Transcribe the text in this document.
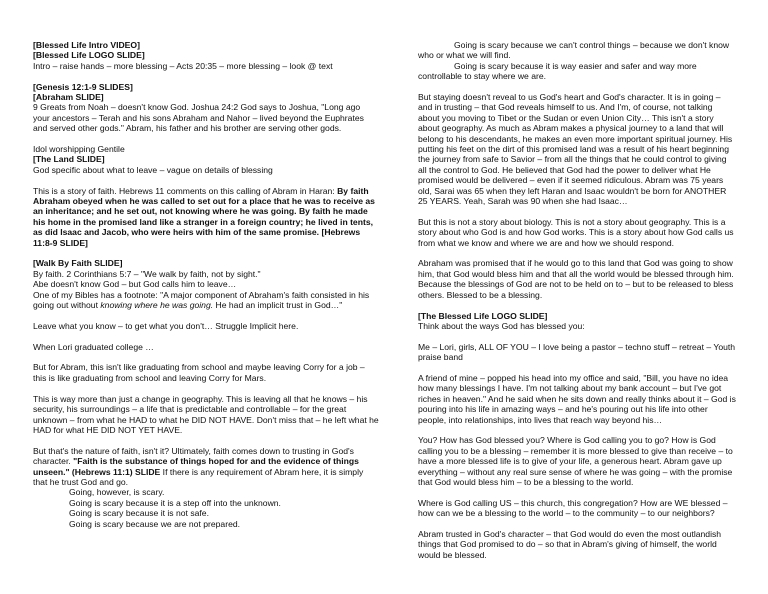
[Blessed Life Intro VIDEO]
[Blessed Life LOGO SLIDE]
Intro – raise hands – more blessing – Acts 20:35 – more blessing – look @ text

[Genesis 12:1-9 SLIDES]
[Abraham SLIDE]
9 Greats from Noah – doesn't know God. Joshua 24:2 God says to Joshua, "Long ago your ancestors – Terah and his sons Abraham and Nahor – lived beyond the Euphrates and served other gods." Abram, his father and his brother are serving other gods.

Idol worshipping Gentile
[The Land SLIDE]
God specific about what to leave – vague on details of blessing

This is a story of faith. Hebrews 11 comments on this calling of Abram in Haran: By faith Abraham obeyed when he was called to set out for a place that he was to receive as an inheritance; and he set out, not knowing where he was going. By faith he made his home in the promised land like a stranger in a foreign country; he lived in tents, as did Isaac and Jacob, who were heirs with him of the same promise. [Hebrews 11:8-9 SLIDE]

[Walk By Faith SLIDE]
By faith. 2 Corinthians 5:7 – "We walk by faith, not by sight."
Abe doesn't know God – but God calls him to leave…
One of my Bibles has a footnote: "A major component of Abraham's faith consisted in his going out without knowing where he was going. He had an implicit trust in God…"

Leave what you know – to get what you don't… Struggle Implicit here.

When Lori graduated college …

But for Abram, this isn't like graduating from school and maybe leaving Corry for a job – this is like graduating from school and leaving Corry for Mars.

This is way more than just a change in geography. This is leaving all that he knows – his security, his surroundings – a life that is predictable and controllable – for the great unknown – from what he HAD to what he DID NOT HAVE. Don't miss that – he left what he HAD for what HE DID NOT YET HAVE.

But that's the nature of faith, isn't it? Ultimately, faith comes down to trusting in God's character. "Faith is the substance of things hoped for and the evidence of things unseen." (Hebrews 11:1) SLIDE If there is any requirement of Abram here, it is simply that he trust God and go.

Going, however, is scary.
Going is scary because it is a step off into the unknown.
Going is scary because it is not safe.
Going is scary because we are not prepared.

Going is scary because we can't control things – because we don't know who or what we will find.

Going is scary because it is way easier and safer and way more controllable to stay where we are.

But staying doesn't reveal to us God's heart and God's character. It is in going – and in trusting – that God reveals himself to us. And I'm, of course, not talking about you moving to Tibet or the Sudan or even Union City… This isn't a story about geography. As much as Abram makes a physical journey to a land that will belong to his descendants, he makes an even more important spiritual journey. His putting his feet on the dirt of this promised land was a result of his heart beginning the journey from safe to Savior – from all the things that he could control to giving all the control to God. He believed that God had the power to deliver what He promised would be delivered – even if it seemed ridiculous. Abram was 75 years old, Sarai was 65 when they left Haran and Isaac wouldn't be born for ANOTHER 25 YEARS. Yeah, Sarah was 90 when she had Isaac…

But this is not a story about biology. This is not a story about geography. This is a story about who God is and how God works. This is a story about how God calls us from what we know and where we are and how we should respond.

Abraham was promised that if he would go to this land that God was going to show him, that God would bless him and that all the world would be blessed through him. Because the blessings of God are not to be held on to – but to be released to bless others. Blessed to be a blessing.

[The Blessed Life LOGO SLIDE]
Think about the ways God has blessed you:

Me – Lori, girls, ALL OF YOU – I love being a pastor – techno stuff – retreat – Youth praise band

A friend of mine – popped his head into my office and said, "Bill, you have no idea how many blessings I have. I'm not talking about my bank account – but I've got riches in heaven." And he said when he sits down and really thinks about it – God is pouring into his life in amazing ways – and he's pouring out his life into other people, into relationships, into lives that reach way beyond his…

You? How has God blessed you? Where is God calling you to go? How is God calling you to be a blessing – remember it is more blessed to give than receive – to have a more blessed life is to give of your life, a generous heart. Abram gave up everything – without any real sure sense of where he was going – with the promise that God would bless him – to be a blessing to the world.

Where is God calling US – this church, this congregation? How are WE blessed – how can we be a blessing to the world – to the community – to our neighbors?

Abram trusted in God's character – that God would do even the most outlandish things that God promised to do – so that in Abram's giving of himself, the world would be blessed.
